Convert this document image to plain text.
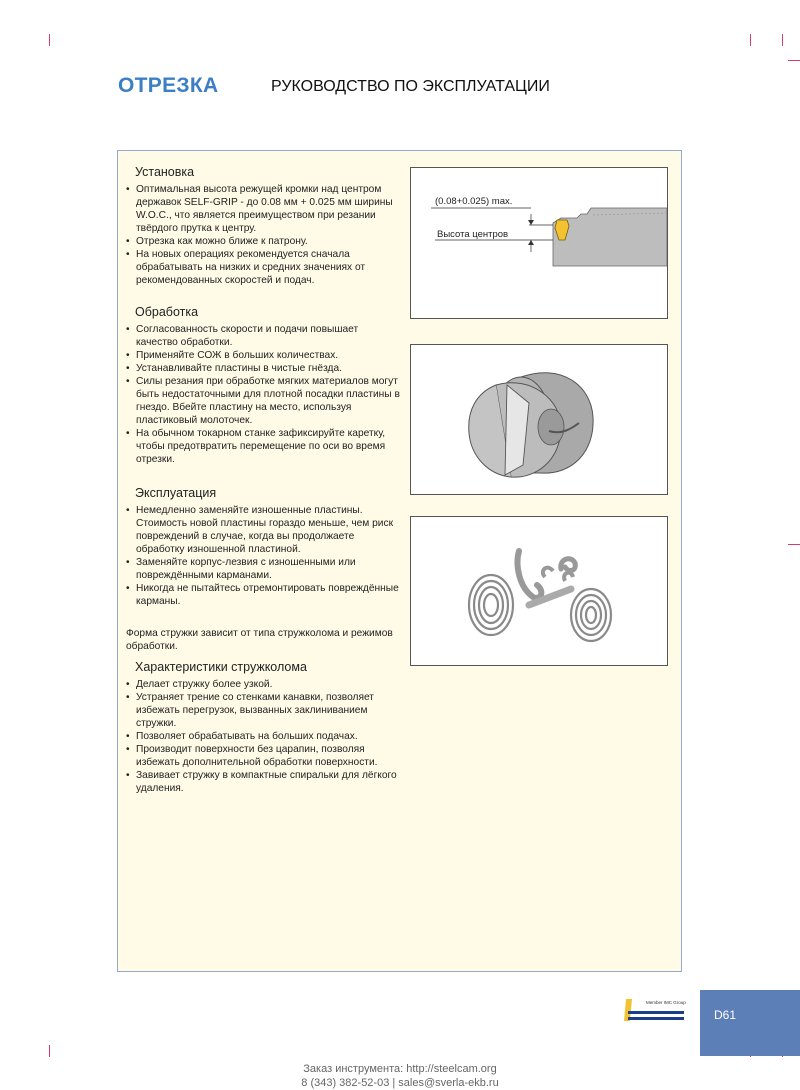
ОТРЕЗКА	РУКОВОДСТВО ПО ЭКСПЛУАТАЦИИ
Установка
• Оптимальная высота режущей кромки над центром державок SELF-GRIP - до 0.08 мм + 0.025 мм ширины W.O.C., что является преимуществом при резании твёрдого прутка к центру.
• Отрезка как можно ближе к патрону.
• На новых операциях рекомендуется сначала обрабатывать на низких и средних значениях от рекомендованных скоростей и подач.
Обработка
• Согласованность скорости и подачи повышает качество обработки.
• Применяйте СОЖ в больших количествах.
• Устанавливайте пластины в чистые гнёзда.
• Силы резания при обработке мягких материалов могут быть недостаточными для плотной посадки пластины в гнездо. Вбейте пластину на место, используя пластиковый молоточек.
• На обычном токарном станке зафиксируйте каретку, чтобы предотвратить перемещение по оси во время отрезки.
Эксплуатация
• Немедленно заменяйте изношенные пластины. Стоимость новой пластины гораздо меньше, чем риск повреждений в случае, когда вы продолжаете обработку изношенной пластиной.
• Заменяйте корпус-лезвия с изношенными или повреждёнными карманами.
• Никогда не пытайтесь отремонтировать повреждённые карманы.

Форма стружки зависит от типа стружколома и режимов обработки.

Характеристики стружколома
• Делает стружку более узкой.
• Устраняет трение со стенками канавки, позволяет избежать перегрузок, вызванных заклиниванием стружки.
• Позволяет обрабатывать на больших подачах.
• Производит поверхности без царапин, позволяя избежать дополнительной обработки поверхности.
• Завивает стружку в компактные спиральки для лёгкого удаления.
(0.08+0.025) max.
Высота центров
Member IMC Group
D61
Заказ инструмента: http://steelcam.org
8 (343) 382-52-03 | sales@sverla-ekb.ru
